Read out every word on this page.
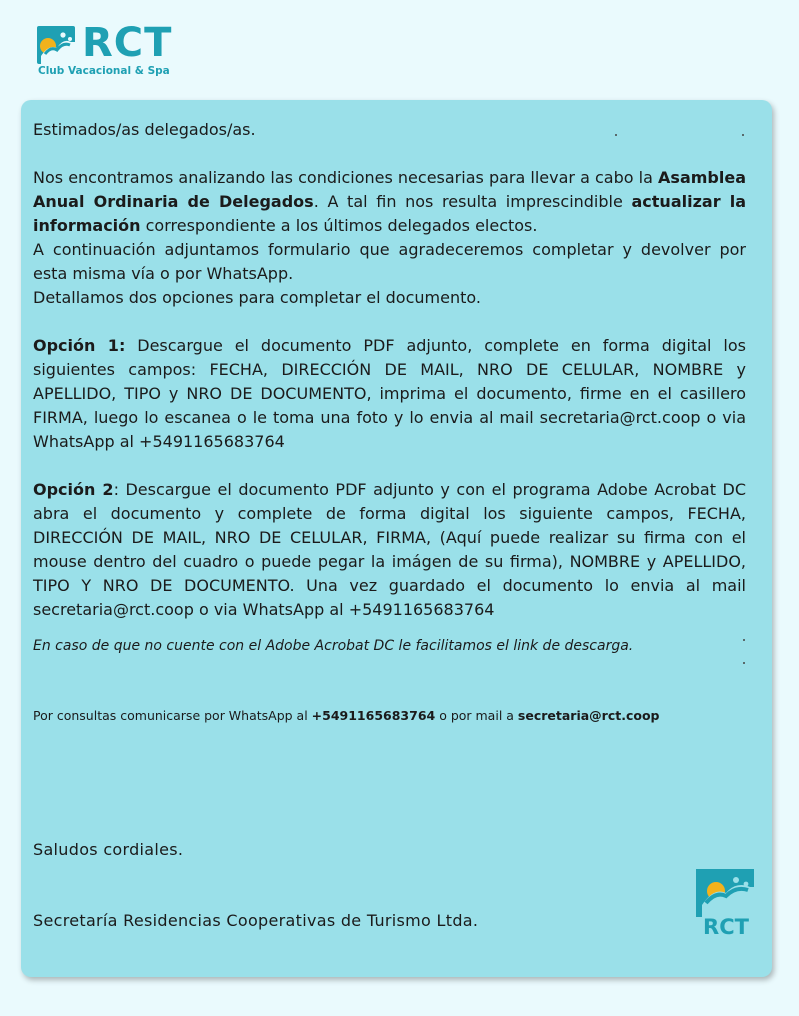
RCT
Club Vacacional & Spa

Estimados/as delegados/as.

Nos encontramos analizando las condiciones necesarias para llevar a cabo la Asamblea Anual Ordinaria de Delegados. A tal fin nos resulta imprescindible actualizar la información correspondiente a los últimos delegados electos.

A continuación adjuntamos formulario que agradeceremos completar y devolver por esta misma vía o por WhatsApp.

Detallamos dos opciones para completar el documento.

Opción 1: Descargue el documento PDF adjunto, complete en forma digital los siguientes campos: FECHA, DIRECCIÓN DE MAIL, NRO DE CELULAR, NOMBRE y APELLIDO, TIPO y NRO DE DOCUMENTO, imprima el documento, firme en el casillero FIRMA, luego lo escanea o le toma una foto y lo envia al mail secretaria@rct.coop o via WhatsApp al +5491165683764

Opción 2: Descargue el documento PDF adjunto y con el programa Adobe Acrobat DC abra el documento y complete de forma digital los siguiente campos, FECHA, DIRECCIÓN DE MAIL, NRO DE CELULAR, FIRMA, (Aquí puede realizar su firma con el mouse dentro del cuadro o puede pegar la imágen de su firma), NOMBRE y APELLIDO, TIPO Y NRO DE DOCUMENTO. Una vez guardado el documento lo envia al mail secretaria@rct.coop o via WhatsApp al +5491165683764

En caso de que no cuente con el Adobe Acrobat DC le facilitamos el link de descarga.

Por consultas comunicarse por WhatsApp al +5491165683764 o por mail a secretaria@rct.coop

Saludos cordiales.
Secretaría Residencias Cooperativas de Turismo Ltda.	RCT
